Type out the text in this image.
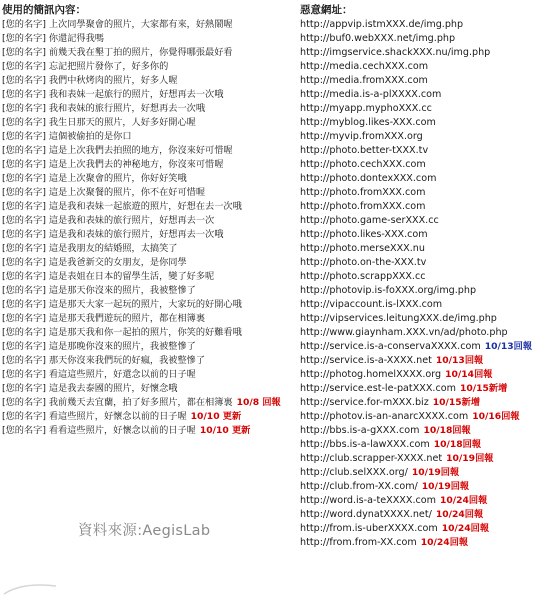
使用的簡訊內容：
[您的名字] 上次同學聚會的照片，大家都有來，好熱鬧喔
[您的名字] 你還記得我嗎
[您的名字] 前幾天我在墾丁拍的照片，你覺得哪張最好看
[您的名字] 忘記把照片發你了，好多你的
[您的名字] 我們中秋烤肉的照片，好多人喔
[您的名字] 我和表妹一起旅行的照片，好想再去一次哦
[您的名字] 我和表妹的旅行照片，好想再去一次哦
[您的名字] 我生日那天的照片，人好多好開心喔
[您的名字] 這個被偷拍的是你口
[您的名字] 這是上次我們去拍照的地方，你沒來好可惜喔
[您的名字] 這是上次我們去的神秘地方，你沒來可惜喔
[您的名字] 這是上次聚會的照片，你好好笑哦
[您的名字] 這是上次聚餐的照片，你不在好可惜喔
[您的名字] 這是我和表妹一起旅遊的照片，好想在去一次哦
[您的名字] 這是我和表妹的旅行照片，好想再去一次
[您的名字] 這是我和表妹的旅行照片，好想再去一次哦
[您的名字] 這是我朋友的結婚照，太搞笑了
[您的名字] 這是我爸新交的女朋友，是你同學
[您的名字] 這是表姐在日本的留學生活，變了好多呢
[您的名字] 這是那天你沒來的照片，我被整慘了
[您的名字] 這是那天大家一起玩的照片，大家玩的好開心哦
[您的名字] 這是那天我們遊玩的照片，都在相簿裏
[您的名字] 這是那天我和你一起拍的照片，你笑的好難看哦
[您的名字] 這是那晚你沒來的照片，我被整慘了
[您的名字] 那天你沒來我們玩的好瘋，我被整慘了
[您的名字] 看這這些照片，好還念以前的日子喔
[您的名字] 這是我去泰國的照片，好懷念哦
[您的名字] 我前幾天去宜蘭，拍了好多照片，都在相簿裏 10/8 回報
[您的名字] 看這些照片，好懷念以前的日子喔 10/10 更新
[您的名字] 看看這些照片，好懷念以前的日子喔 10/10 更新
惡意網址：
http://appvip.istmXXX.de/img.php
http://buf0.webXXX.net/img.php
http://imgservice.shackXXX.nu/img.php
http://media.cechXXX.com
http://media.fromXXX.com
http://media.is-a-plXXXX.com
http://myapp.myphoXXX.cc
http://myblog.likes-XXX.com
http://myvip.fromXXX.org
http://photo.better-tXXX.tv
http://photo.cechXXX.com
http://photo.dontexXXX.com
http://photo.fromXXX.com
http://photo.fromXXX.com
http://photo.game-serXXX.cc
http://photo.likes-XXX.com
http://photo.merseXXX.nu
http://photo.on-the-XXX.tv
http://photo.scrappXXX.cc
http://photovip.is-foXXX.org/img.php
http://vipaccount.is-lXXX.com
http://vipservices.leitungXXX.de/img.php
http://www.giaynham.XXX.vn/ad/photo.php
http://service.is-a-conservaXXXX.com 10/13回報
http://service.is-a-XXXX.net 10/13回報
http://photog.homelXXXX.org 10/14回報
http://service.est-le-patXXX.com 10/15新增
http://service.for-mXXX.biz 10/15新增
http://photov.is-an-anarcXXXX.com 10/16回報
http://bbs.is-a-gXXX.com 10/18回報
http://bbs.is-a-lawXXX.com 10/18回報
http://club.scrapper-XXXX.net 10/19回報
http://club.selXXX.org/ 10/19回報
http://club.from-XX.com/ 10/19回報
http://word.is-a-teXXXX.com 10/24回報
http://word.dynatXXXX.net/ 10/24回報
http://from.is-uberXXXX.com 10/24回報
http://from.from-XX.com 10/24回報
資料來源:AegisLab
